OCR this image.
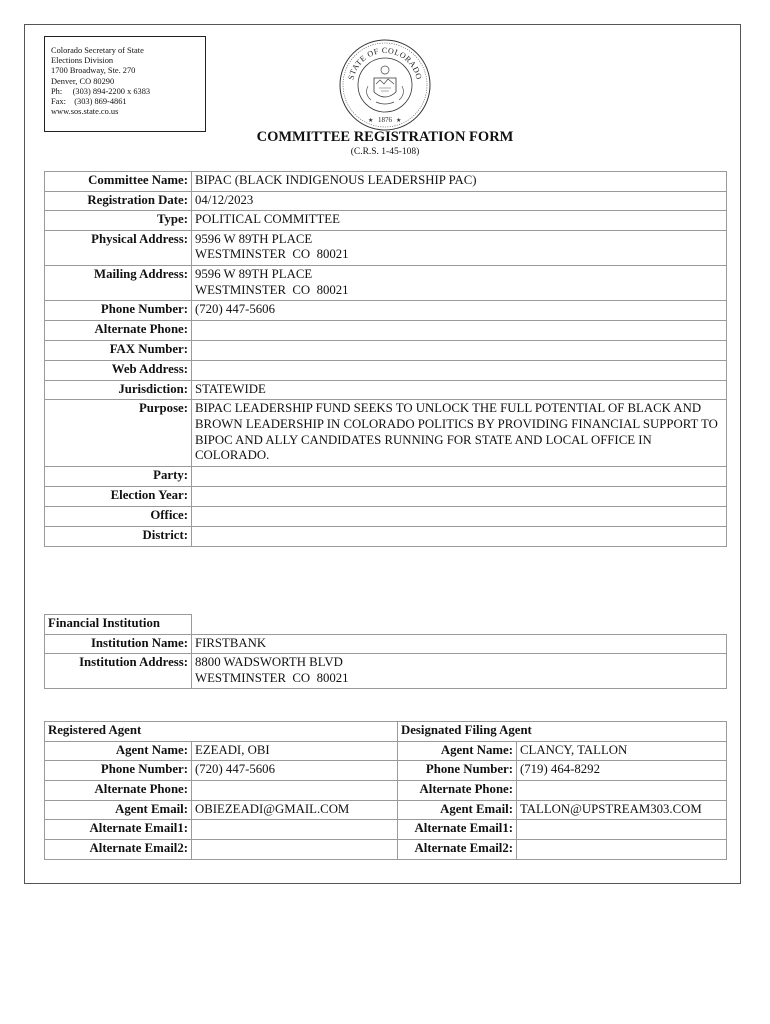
Colorado Secretary of State
Elections Division
1700 Broadway, Ste. 270
Denver, CO 80290
Ph:     (303) 894-2200 x 6383
Fax:    (303) 869-4861
www.sos.state.co.us
STATE OF COLORADO
1876
★	★
COMMITTEE REGISTRATION FORM
(C.R.S. 1-45-108)
Committee Name:	BIPAC (BLACK INDIGENOUS LEADERSHIP PAC)
Registration Date:	04/12/2023
Type:	POLITICAL COMMITTEE
Physical Address:	9596 W 89TH PLACE
WESTMINSTER  CO  80021

Mailing Address:	9596 W 89TH PLACE
WESTMINSTER  CO  80021

Phone Number:	(720) 447-5606
Alternate Phone:	
FAX Number:	
Web Address:	
Jurisdiction:	STATEWIDE
Purpose:	BIPAC LEADERSHIP FUND SEEKS TO UNLOCK THE FULL POTENTIAL OF BLACK AND BROWN LEADERSHIP IN COLORADO POLITICS BY PROVIDING FINANCIAL SUPPORT TO BIPOC AND ALLY CANDIDATES RUNNING FOR STATE AND LOCAL OFFICE IN COLORADO.
Party:	
Election Year:	
Office:	
District:	
Financial Institution	
Institution Name:	FIRSTBANK
Institution Address:	8800 WADSWORTH BLVD
WESTMINSTER  CO  80021
Registered Agent		Designated Filing Agent	
Agent Name:	EZEADI, OBI	Agent Name:	CLANCY, TALLON
Phone Number:	(720) 447-5606	Phone Number:	(719) 464-8292
Alternate Phone:		Alternate Phone:	
Agent Email:	OBIEZEADI@GMAIL.COM	Agent Email:	TALLON@UPSTREAM303.COM
Alternate Email1:		Alternate Email1:	
Alternate Email2:		Alternate Email2:	
